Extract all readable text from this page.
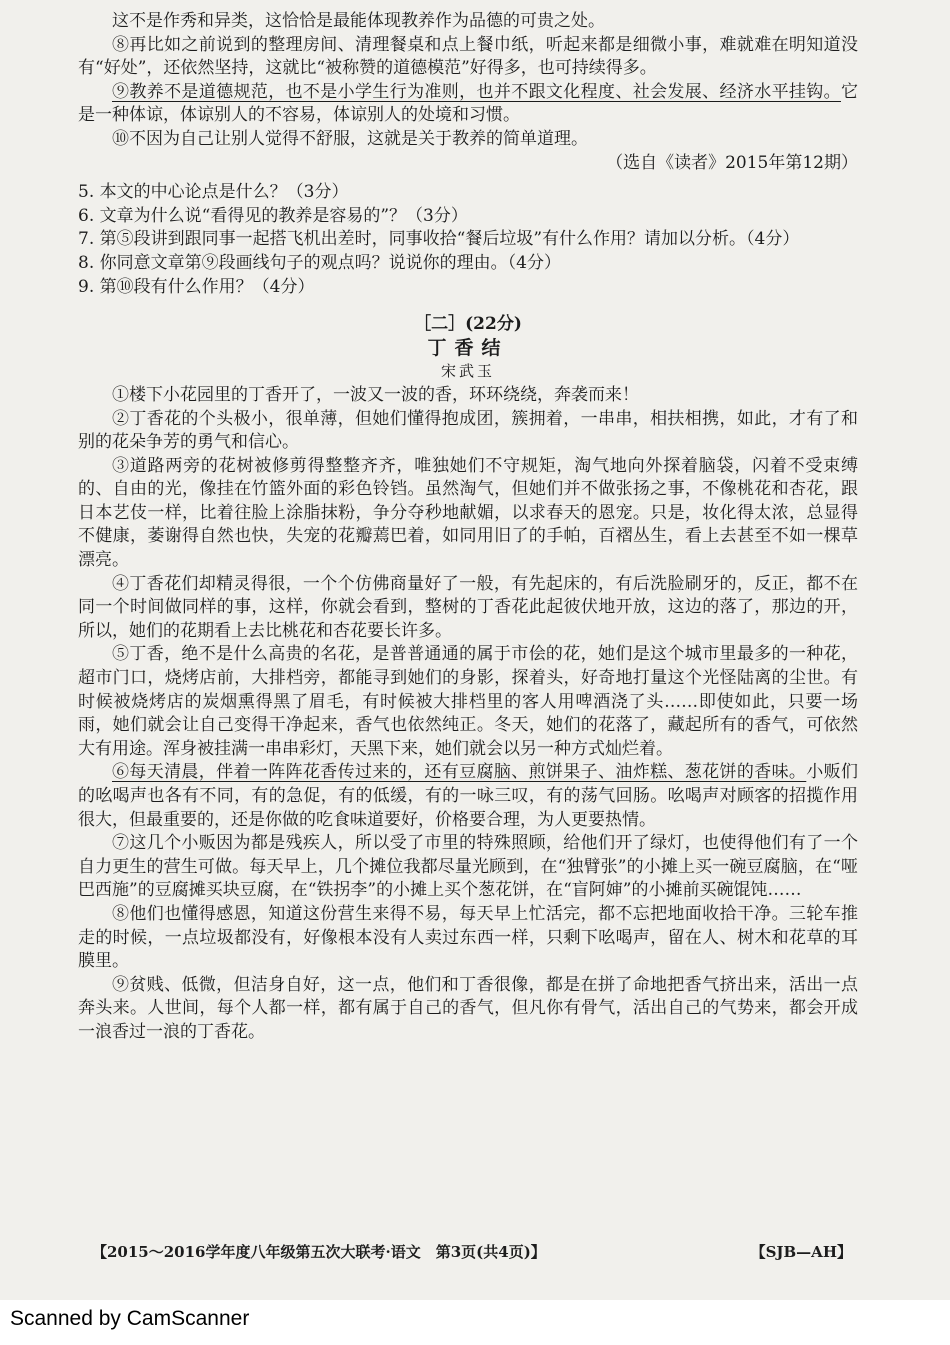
这不是作秀和异类，这恰恰是最能体现教养作为品德的可贵之处。

⑧再比如之前说到的整理房间、清理餐桌和点上餐巾纸，听起来都是细微小事，难就难在明知道没有“好处”，还依然坚持，这就比“被称赞的道德模范”好得多，也可持续得多。

⑨教养不是道德规范，也不是小学生行为准则，也并不跟文化程度、社会发展、经济水平挂钩。它是一种体谅，体谅别人的不容易，体谅别人的处境和习惯。

⑩不因为自己让别人觉得不舒服，这就是关于教养的简单道理。

（选自《读者》2015年第12期）

5. 本文的中心论点是什么？（3分）

6. 文章为什么说“看得见的教养是容易的”？（3分）

7. 第⑤段讲到跟同事一起搭飞机出差时，同事收拾“餐后垃圾”有什么作用？请加以分析。（4分）

8. 你同意文章第⑨段画线句子的观点吗？说说你的理由。（4分）

9. 第⑩段有什么作用？（4分）

［二］(22分)

丁香结

宋武玉

①楼下小花园里的丁香开了，一波又一波的香，环环绕绕，奔袭而来！

②丁香花的个头极小，很单薄，但她们懂得抱成团，簇拥着，一串串，相扶相携，如此，才有了和别的花朵争芳的勇气和信心。

③道路两旁的花树被修剪得整整齐齐，唯独她们不守规矩，淘气地向外探着脑袋，闪着不受束缚的、自由的光，像挂在竹篮外面的彩色铃铛。虽然淘气，但她们并不做张扬之事，不像桃花和杏花，跟日本艺伎一样，比着往脸上涂脂抹粉，争分夺秒地献媚，以求春天的恩宠。只是，妆化得太浓，总显得不健康，萎谢得自然也快，失宠的花瓣蔫巴着，如同用旧了的手帕，百褶丛生，看上去甚至不如一棵草漂亮。

④丁香花们却精灵得很，一个个仿佛商量好了一般，有先起床的，有后洗脸刷牙的，反正，都不在同一个时间做同样的事，这样，你就会看到，整树的丁香花此起彼伏地开放，这边的落了，那边的开，所以，她们的花期看上去比桃花和杏花要长许多。

⑤丁香，绝不是什么高贵的名花，是普普通通的属于市侩的花，她们是这个城市里最多的一种花，超市门口，烧烤店前，大排档旁，都能寻到她们的身影，探着头，好奇地打量这个光怪陆离的尘世。有时候被烧烤店的炭烟熏得黑了眉毛，有时候被大排档里的客人用啤酒浇了头……即使如此，只要一场雨，她们就会让自己变得干净起来，香气也依然纯正。冬天，她们的花落了，藏起所有的香气，可依然大有用途。浑身被挂满一串串彩灯，天黑下来，她们就会以另一种方式灿烂着。

⑥每天清晨，伴着一阵阵花香传过来的，还有豆腐脑、煎饼果子、油炸糕、葱花饼的香味。小贩们的吆喝声也各有不同，有的急促，有的低缓，有的一咏三叹，有的荡气回肠。吆喝声对顾客的招揽作用很大，但最重要的，还是你做的吃食味道要好，价格要合理，为人更要热情。

⑦这几个小贩因为都是残疾人，所以受了市里的特殊照顾，给他们开了绿灯，也使得他们有了一个自力更生的营生可做。每天早上，几个摊位我都尽量光顾到，在“独臂张”的小摊上买一碗豆腐脑，在“哑巴西施”的豆腐摊买块豆腐，在“铁拐李”的小摊上买个葱花饼，在“盲阿婶”的小摊前买碗馄饨……

⑧他们也懂得感恩，知道这份营生来得不易，每天早上忙活完，都不忘把地面收拾干净。三轮车推走的时候，一点垃圾都没有，好像根本没有人卖过东西一样，只剩下吆喝声，留在人、树木和花草的耳膜里。

⑨贫贱、低微，但洁身自好，这一点，他们和丁香很像，都是在拼了命地把香气挤出来，活出一点奔头来。人世间，每个人都一样，都有属于自己的香气，但凡你有骨气，活出自己的气势来，都会开成一浪香过一浪的丁香花。

【2015～2016学年度八年级第五次大联考·语文　第3页(共4页)】	【SJB—AH】
Scanned by CamScanner
